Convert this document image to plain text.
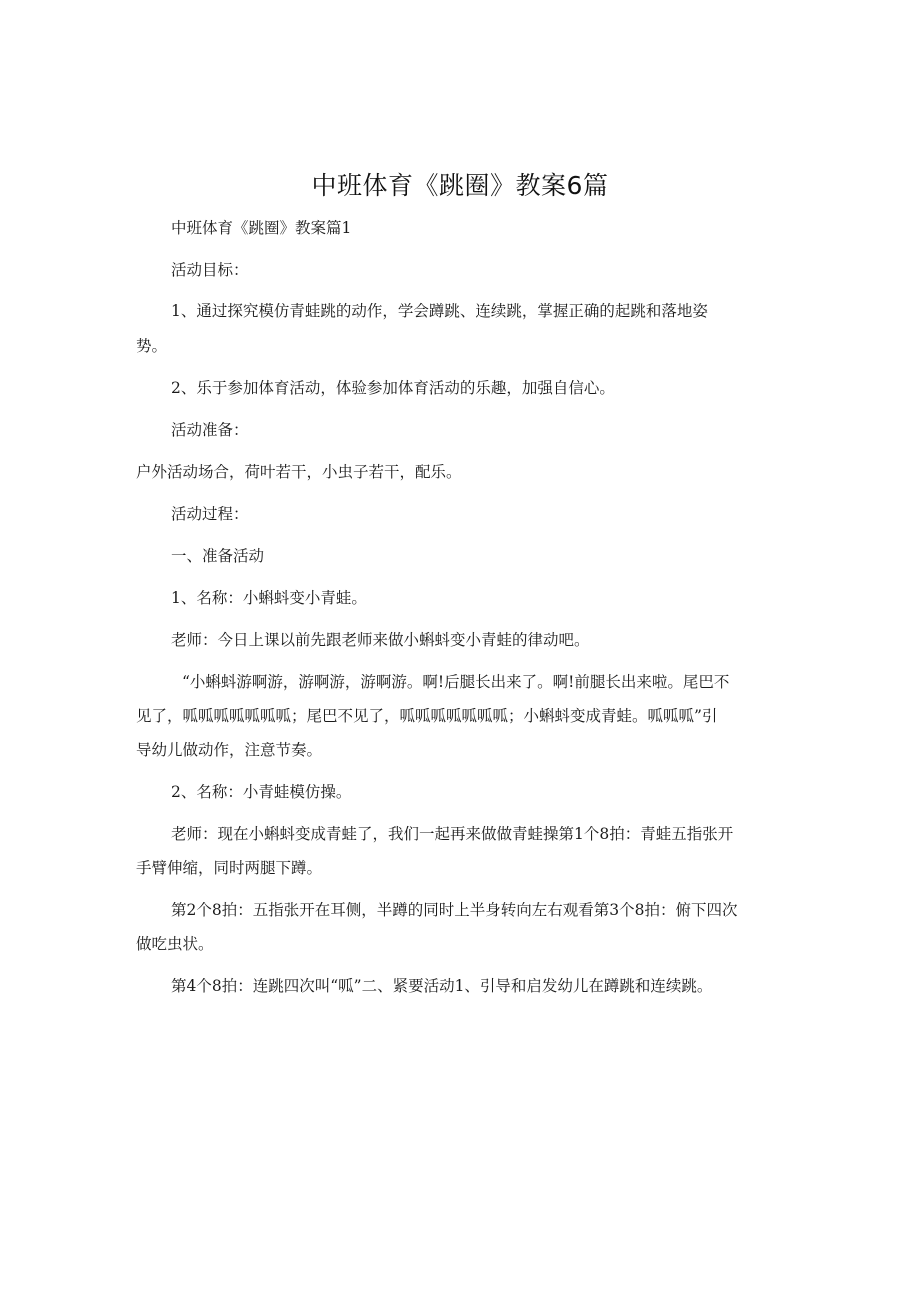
中班体育《跳圈》教案6篇

中班体育《跳圈》教案篇1

活动目标：

1、通过探究模仿青蛙跳的动作，学会蹲跳、连续跳，掌握正确的起跳和落地姿

势。

2、乐于参加体育活动，体验参加体育活动的乐趣，加强自信心。

活动准备：

户外活动场合，荷叶若干，小虫子若干，配乐。

活动过程：

一、准备活动

1、名称：小蝌蚪变小青蛙。

老师：今日上课以前先跟老师来做小蝌蚪变小青蛙的律动吧。

“小蝌蚪游啊游，游啊游，游啊游。啊!后腿长出来了。啊!前腿长出来啦。尾巴不

见了，呱呱呱呱呱呱呱；尾巴不见了，呱呱呱呱呱呱呱；小蝌蚪变成青蛙。呱呱呱”引

导幼儿做动作，注意节奏。

2、名称：小青蛙模仿操。

老师：现在小蝌蚪变成青蛙了，我们一起再来做做青蛙操第1个8拍：青蛙五指张开

手臂伸缩，同时两腿下蹲。

第2个8拍：五指张开在耳侧，半蹲的同时上半身转向左右观看第3个8拍：俯下四次

做吃虫状。

第4个8拍：连跳四次叫“呱”二、紧要活动1、引导和启发幼儿在蹲跳和连续跳。
